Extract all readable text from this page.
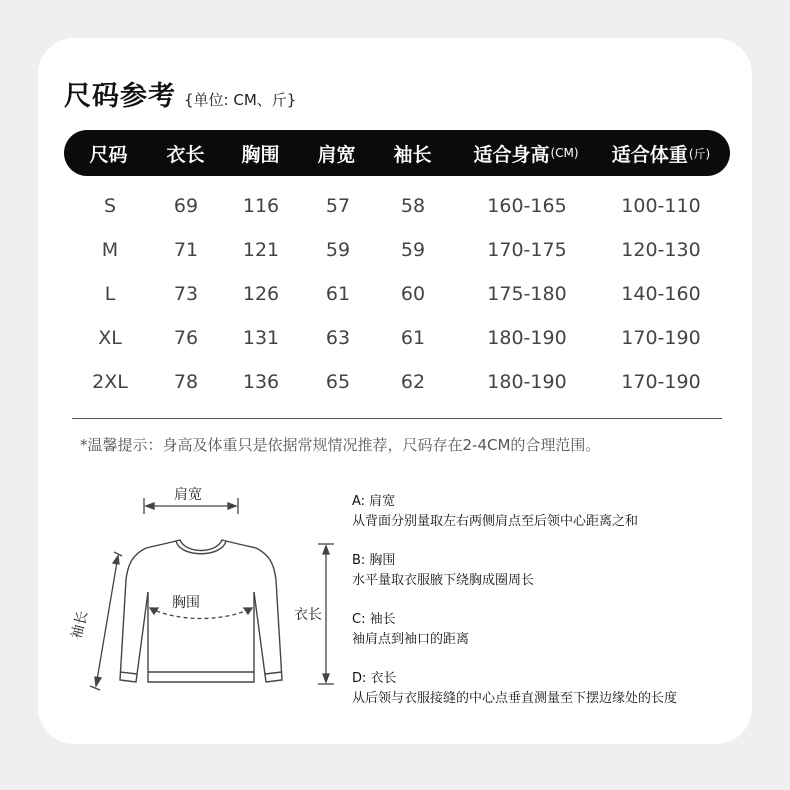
尺码参考 {单位: CM、斤}
尺码 衣长 胸围 肩宽 袖长 适合身高 (CM) 适合体重 (斤)
S	69	116	57	58	160-165	100-110
M	71	121	59	59	170-175	120-130
L	73	126	61	60	175-180	140-160
XL	76	131	63	61	180-190	170-190
2XL	78	136	65	62	180-190	170-190
*温馨提示：身高及体重只是依据常规情况推荐，尺码存在2-4CM的合理范围。
肩宽
胸围
衣长
袖长
A: 肩宽
从背面分别量取左右两侧肩点至后领中心距离之和
B: 胸围
水平量取衣服腋下绕胸成圈周长
C: 袖长
袖肩点到袖口的距离
D: 衣长
从后领与衣服接缝的中心点垂直测量至下摆边缘处的长度
